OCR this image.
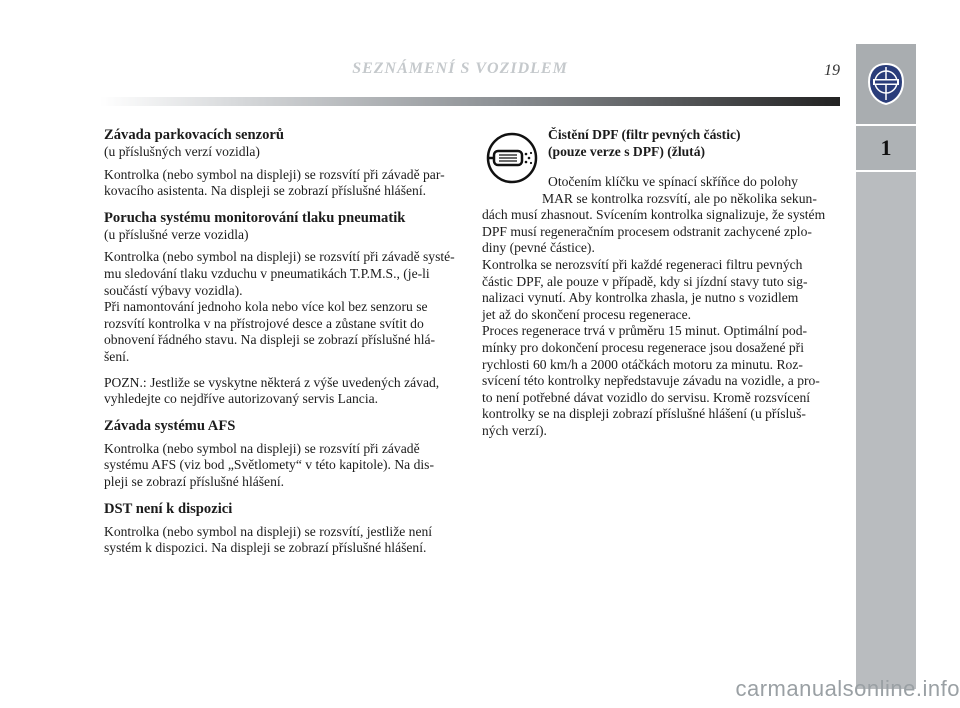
SEZNÁMENÍ S VOZIDLEM	19
1
Závada parkovacích senzorů
(u příslušných verzí vozidla)
Kontrolka (nebo symbol na displeji) se rozsvítí při závadě par-
kovacího asistenta. Na displeji se zobrazí příslušné hlášení.
Porucha systému monitorování tlaku pneumatik
(u příslušné verze vozidla)
Kontrolka (nebo symbol na displeji) se rozsvítí při závadě systé-
mu sledování tlaku vzduchu v pneumatikách T.P.M.S., (je-li
součástí výbavy vozidla).
Při namontování jednoho kola nebo více kol bez senzoru se
rozsvítí kontrolka v na přístrojové desce a zůstane svítit do
obnovení řádného stavu. Na displeji se zobrazí příslušné hlá-
šení.
POZN.: Jestliže se vyskytne některá z výše uvedených závad,
vyhledejte co nejdříve autorizovaný servis Lancia.
Závada systému AFS
Kontrolka (nebo symbol na displeji) se rozsvítí při závadě
systému AFS (viz bod „Světlomety“ v této kapitole). Na dis-
pleji se zobrazí příslušné hlášení.
DST není k dispozici
Kontrolka (nebo symbol na displeji) se rozsvítí, jestliže není
systém k dispozici. Na displeji se zobrazí příslušné hlášení.
Čistění DPF (filtr pevných částic)
(pouze verze s DPF) (žlutá)
Otočením klíčku ve spínací skříňce do polohy
MAR se kontrolka rozsvítí, ale po několika sekun-
dách musí zhasnout. Svícením kontrolka signalizuje, že systém
DPF musí regeneračním procesem odstranit zachycené zplo-
diny (pevné částice).
Kontrolka se nerozsvítí při každé regeneraci filtru pevných
částic DPF, ale pouze v případě, kdy si jízdní stavy tuto sig-
nalizaci vynutí. Aby kontrolka zhasla, je nutno s vozidlem
jet až do skončení procesu regenerace.
Proces regenerace trvá v průměru 15 minut. Optimální pod-
mínky pro dokončení procesu regenerace jsou dosažené při
rychlosti 60 km/h a 2000 otáčkách motoru za minutu. Roz-
svícení této kontrolky nepředstavuje závadu na vozidle, a pro-
to není potřebné dávat vozidlo do servisu. Kromě rozsvícení
kontrolky se na displeji zobrazí příslušné hlášení (u přísluš-
ných verzí).
carmanualsonline.info
